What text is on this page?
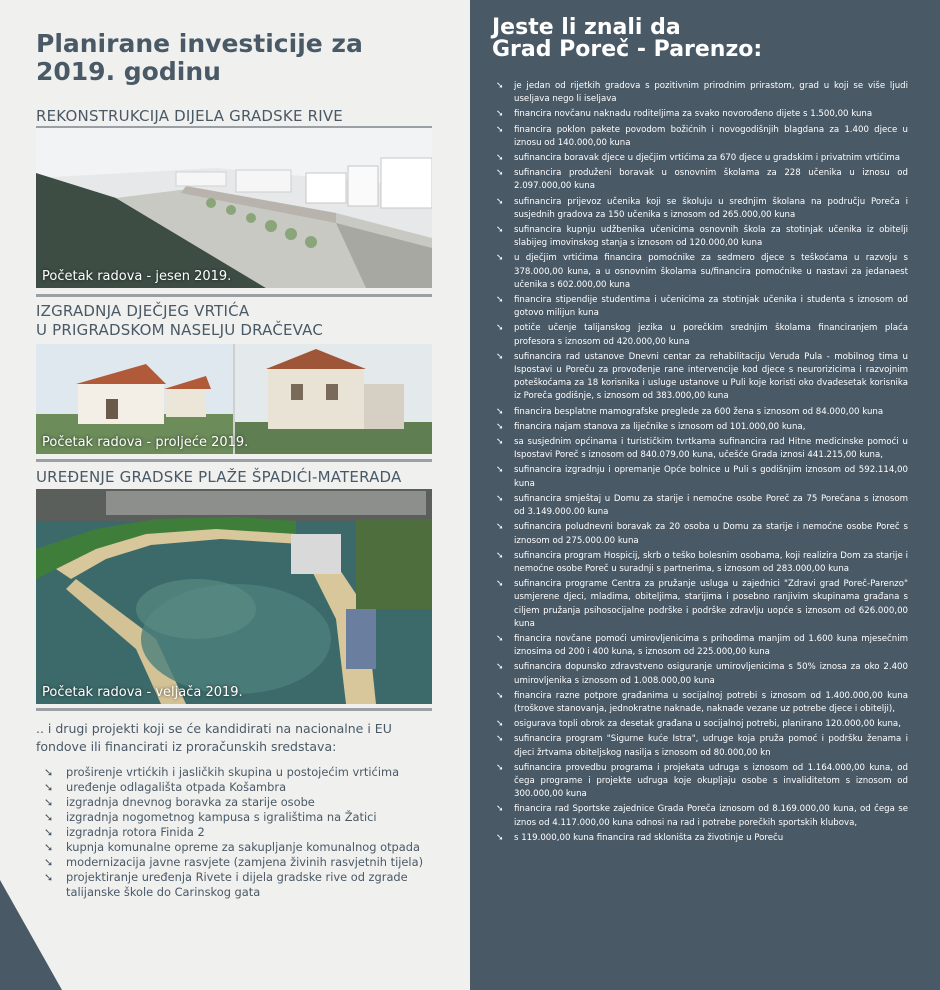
Planirane investicije za
2019. godinu
REKONSTRUKCIJA DIJELA GRADSKE RIVE
Početak radova - jesen 2019.
IZGRADNJA DJEČJEG VRTIĆA
U PRIGRADSKOM NASELJU DRAČEVAC
Početak radova - proljeće 2019.
UREĐENJE GRADSKE PLAŽE ŠPADIĆI-MATERADA
Početak radova - veljača 2019.
.. i drugi projekti koji se će kandidirati na nacionalne i EU fondove ili financirati iz proračunskih sredstava:
➘ proširenje vrtićkih i jasličkih skupina u postojećim vrtićima
➘ uređenje odlagališta otpada Košambra
➘ izgradnja dnevnog boravka za starije osobe
➘ izgradnja nogometnog kampusa s igralištima na Žatici
➘ izgradnja rotora Finida 2
➘ kupnja komunalne opreme za sakupljanje komunalnog otpada
➘ modernizacija javne rasvjete (zamjena živinih rasvjetnih tijela)
➘ projektiranje uređenja Rivete i dijela gradske rive od zgrade talijanske škole do Carinskog gata
Jeste li znali da
Grad Poreč - Parenzo:
➘ je jedan od rijetkih gradova s pozitivnim prirodnim prirastom, grad u koji se više ljudi useljava nego li iseljava
➘ financira novčanu naknadu roditeljima za svako novorođeno dijete s 1.500,00 kuna
➘ financira poklon pakete povodom božićnih i novogodišnjih blagdana za 1.400 djece u iznosu od 140.000,00 kuna
➘ sufinancira boravak djece u dječjim vrtićima za 670 djece u gradskim i privatnim vrtićima
➘ sufinancira produženi boravak u osnovnim školama za 228 učenika u iznosu od 2.097.000,00 kuna
➘ sufinancira prijevoz učenika koji se školuju u srednjim školana na području Poreča i susjednih gradova za 150 učenika s iznosom od 265.000,00 kuna
➘ sufinancira kupnju udžbenika učenicima osnovnih škola za stotinjak učenika iz obitelji slabijeg imovinskog stanja s iznosom od 120.000,00 kuna
➘ u dječjim vrtićima financira pomoćnike za sedmero djece s teškoćama u razvoju s 378.000,00 kuna, a u osnovnim školama su/financira pomoćnike u nastavi za jedanaest učenika s 602.000,00 kuna
➘ financira stipendije studentima i učenicima za stotinjak učenika i studenta s iznosom od gotovo milijun kuna
➘ potiče učenje talijanskog jezika u porečkim srednjim školama financiranjem plaća profesora s iznosom od 420.000,00 kuna
➘ sufinancira rad ustanove Dnevni centar za rehabilitaciju Veruda Pula - mobilnog tima u Ispostavi u Poreču za provođenje rane intervencije kod djece s neurorizicima i razvojnim poteškoćama za 18 korisnika i usluge ustanove u Puli koje koristi oko dvadesetak korisnika iz Poreča godišnje, s iznosom od 383.000,00 kuna
➘ financira besplatne mamografske preglede za 600 žena s iznosom od 84.000,00 kuna
➘ financira najam stanova za liječnike s iznosom od 101.000,00 kuna,
➘ sa susjednim općinama i turističkim tvrtkama sufinancira rad Hitne medicinske pomoći u Ispostavi Poreč s iznosom od 840.079,00 kuna, učešće Grada iznosi 441.215,00 kuna,
➘ sufinancira izgradnju i opremanje Opće bolnice u Puli s godišnjim iznosom od 592.114,00 kuna
➘ sufinancira smještaj u Domu za starije i nemoćne osobe Poreč za 75 Porečana s iznosom od 3.149.000.00 kuna
➘ sufinancira poludnevni boravak za 20 osoba u Domu za starije i nemoćne osobe Poreč s iznosom od 275.000.00 kuna
➘ sufinancira program Hospicij, skrb o teško bolesnim osobama, koji realizira Dom za starije i nemoćne osobe Poreč u suradnji s partnerima, s iznosom od 283.000,00 kuna
➘ sufinancira programe Centra za pružanje usluga u zajednici "Zdravi grad Poreč-Parenzo" usmjerene djeci, mladima, obiteljima, starijima i posebno ranjivim skupinama građana s ciljem pružanja psihosocijalne podrške i podrške zdravlju uopće s iznosom od 626.000,00 kuna
➘ financira novčane pomoći umirovljenicima s prihodima manjim od 1.600 kuna mjesečnim iznosima od 200 i 400 kuna, s iznosom od 225.000,00 kuna
➘ sufinancira dopunsko zdravstveno osiguranje umirovljenicima s 50% iznosa za oko 2.400 umirovljenika s iznosom od 1.008.000,00 kuna
➘ financira razne potpore građanima u socijalnoj potrebi s iznosom od 1.400.000,00 kuna (troškove stanovanja, jednokratne naknade, naknade vezane uz potrebe djece i obitelji),
➘ osigurava topli obrok za desetak građana u socijalnoj potrebi, planirano 120.000,00 kuna,
➘ sufinancira program "Sigurne kuće Istra", udruge koja pruža pomoć i podršku ženama i djeci žrtvama obiteljskog nasilja s iznosom od 80.000,00 kn
➘ sufinancira provedbu programa i projekata udruga s iznosom od 1.164.000,00 kuna, od čega programe i projekte udruga koje okupljaju osobe s invaliditetom s iznosom od 300.000,00 kuna
➘ financira rad Sportske zajednice Grada Poreča iznosom od 8.169.000,00 kuna, od čega se iznos od 4.117.000,00 kuna odnosi na rad i potrebe porečkih sportskih klubova,
➘ s 119.000,00 kuna financira rad skloništa za životinje u Poreču
